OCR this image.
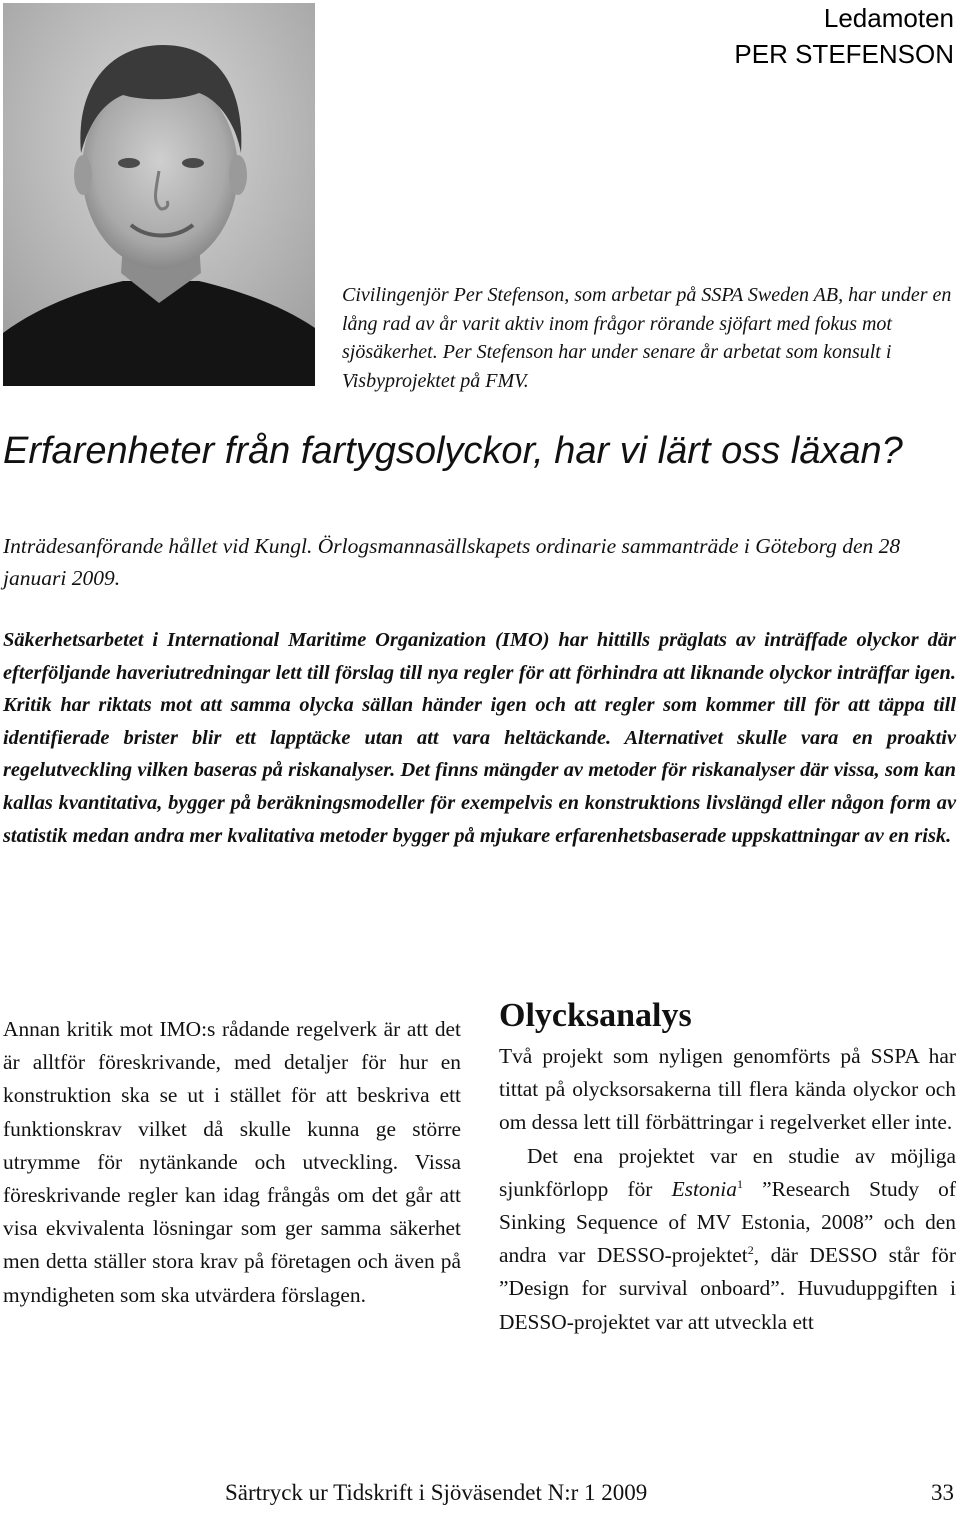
Ledamoten
PER STEFENSON
Civilingenjör Per Stefenson, som arbetar på SSPA Sweden AB, har under en lång rad av år varit aktiv inom frågor rörande sjöfart med fokus mot sjösäkerhet. Per Stefenson har under senare år arbetat som konsult i Visbyprojektet på FMV.
Erfarenheter från fartygsolyckor, har vi lärt oss läxan?
Inträdesanförande hållet vid Kungl. Örlogsmannasällskapets ordinarie sammanträde i Göteborg den 28 januari 2009.
Säkerhetsarbetet i International Maritime Organization (IMO) har hittills präglats av inträffade olyckor där efterföljande haveriutredningar lett till förslag till nya regler för att förhindra att liknande olyckor inträffar igen. Kritik har riktats mot att samma olycka sällan händer igen och att regler som kommer till för att täppa till identifierade brister blir ett lapptäcke utan att vara heltäckande. Alternativet skulle vara en proaktiv regelutveckling vilken baseras på riskanalyser. Det finns mängder av metoder för riskanalyser där vissa, som kan kallas kvantitativa, bygger på beräkningsmodeller för exempelvis en konstruktions livslängd eller någon form av statistik medan andra mer kvalitativa metoder bygger på mjukare erfarenhetsbaserade uppskattningar av en risk.
Annan kritik mot IMO:s rådande regelverk är att det är alltför föreskrivande, med detaljer för hur en konstruktion ska se ut i stället för att beskriva ett funktionskrav vilket då skulle kunna ge större utrymme för nytänkande och utveckling. Vissa föreskrivande regler kan idag frångås om det går att visa ekvivalenta lösningar som ger samma säkerhet men detta ställer stora krav på företagen och även på myndigheten som ska utvärdera förslagen.
Olycksanalys

Två projekt som nyligen genomförts på SSPA har tittat på olycksorsakerna till flera kända olyckor och om dessa lett till förbättringar i regelverket eller inte.

Det ena projektet var en studie av möjliga sjunkförlopp för Estonia$^1$ ”Research Study of Sinking Sequence of MV Estonia, 2008” och den andra var DESSO-projektet$^2$, där DESSO står för ”Design for survival onboard”. Huvuduppgiften i DESSO-projektet var att utveckla ett

Särtryck ur Tidskrift i Sjöväsendet N:r 1 2009	33
